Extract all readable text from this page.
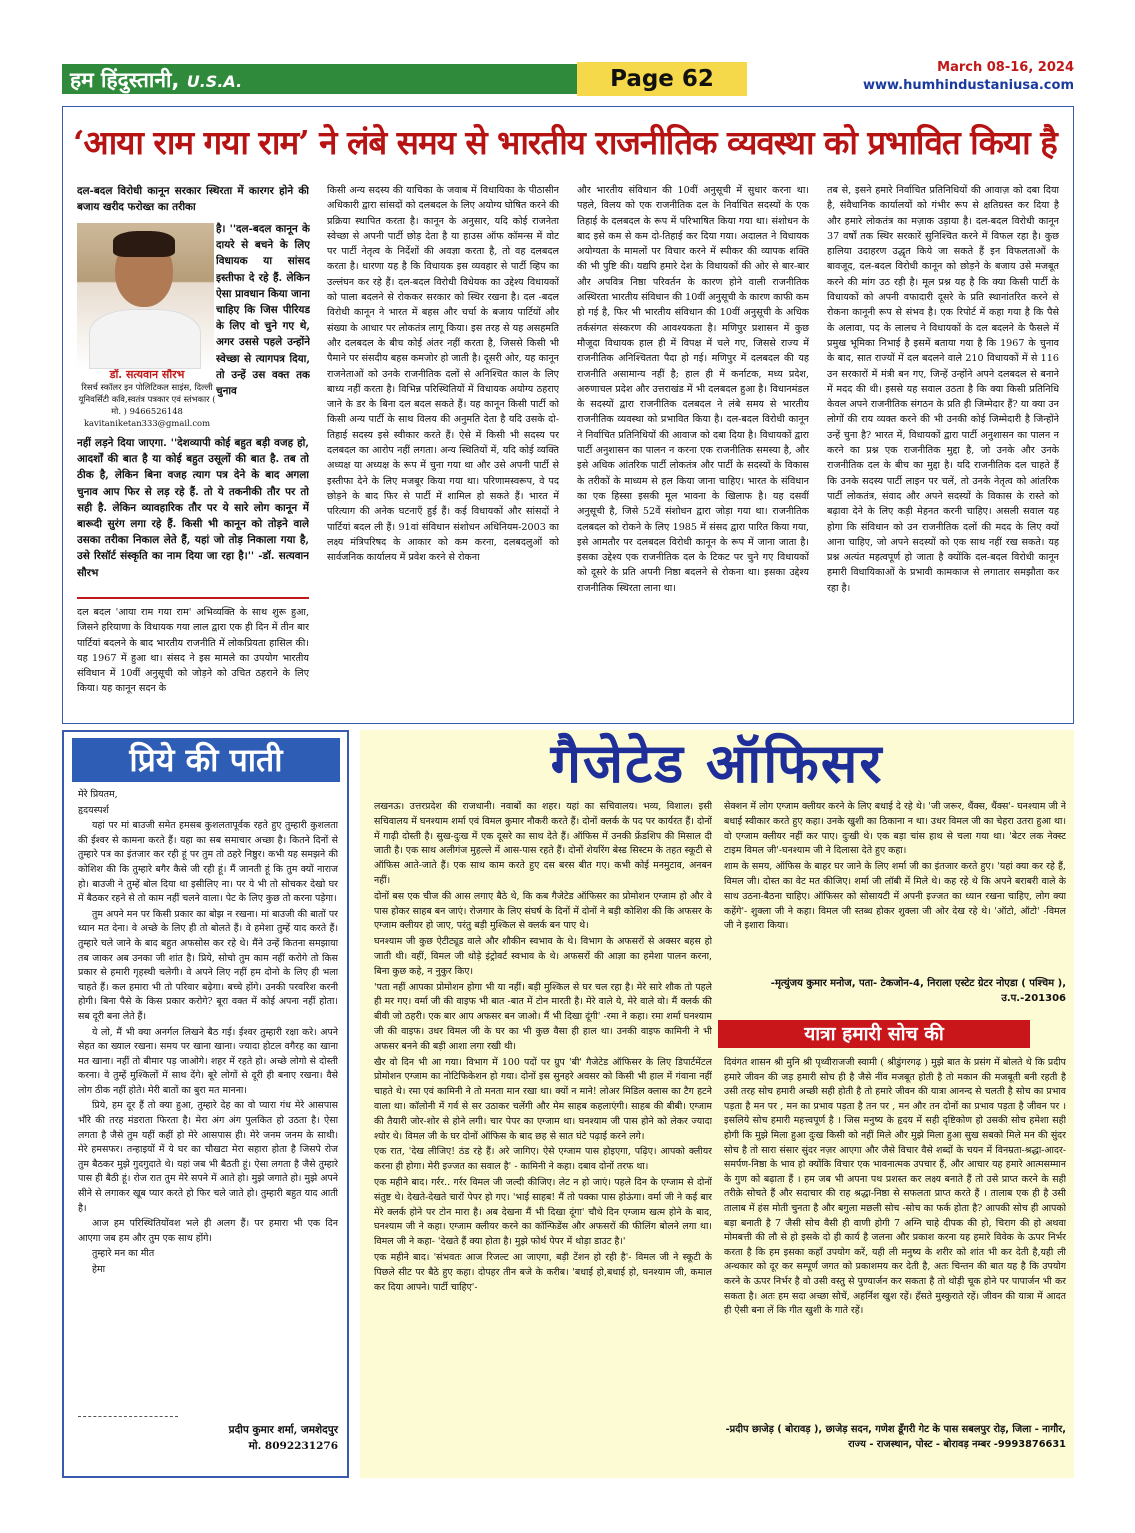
हम हिंदुस्तानी, U.S.A.	Page 62	March 08-16, 2024
www.humhindustaniusa.com
‘आया राम गया राम’ ने लंबे समय से भारतीय राजनीतिक व्यवस्था को प्रभावित किया है
दल-बदल विरोधी कानून सरकार स्थिरता में कारगर होने की बजाय खरीद फरोख्त का तरीका
डॉ. सत्यवान सौरभ
रिसर्च स्कॉलर इन पोलिटिकल साइंस, दिल्ली यूनिवर्सिटी कवि,स्वतंत्र पत्रकार एवं स्तंभकार ( मो. ) 9466526148 kavitaniketan333@gmail.com
है। ''दल-बदल कानून के दायरे से बचने के लिए विधायक या सांसद इस्तीफा दे रहे हैं. लेकिन ऐसा प्रावधान किया जाना चाहिए कि जिस पीरियड के लिए वो चुने गए थे, अगर उससे पहले उन्होंने स्वेच्छा से त्यागपत्र दिया, तो उन्हें उस वक्त तक चुनाव
नहीं लड़ने दिया जाएगा. ''देशव्यापी कोई बहुत बड़ी वजह हो, आदर्शों की बात है या कोई बहुत उसूलों की बात है. तब तो ठीक है, लेकिन बिना वजह त्याग पत्र देने के बाद अगला चुनाव आप फिर से लड़ रहे हैं. तो ये तकनीकी तौर पर तो सही है. लेकिन व्यावहारिक तौर पर ये सारे लोग कानून में बारूदी सुरंग लगा रहे हैं. किसी भी कानून को तोड़ने वाले उसका तरीका निकाल लेते हैं, यहां जो तोड़ निकाला गया है, उसे रिसॉर्ट संस्कृति का नाम दिया जा रहा है।'' -डॉ. सत्यवान सौरभ
दल बदल 'आया राम गया राम' अभिव्यक्ति के साथ शुरू हुआ, जिसने हरियाणा के विधायक गया लाल द्वारा एक ही दिन में तीन बार पार्टियां बदलने के बाद भारतीय राजनीति में लोकप्रियता हासिल की। यह 1967 में हुआ था। संसद ने इस मामले का उपयोग भारतीय संविधान में 10वीं अनुसूची को जोड़ने को उचित ठहराने के लिए किया। यह कानून सदन के
किसी अन्य सदस्य की याचिका के जवाब में विधायिका के पीठासीन अधिकारी द्वारा सांसदों को दलबदल के लिए अयोग्य घोषित करने की प्रक्रिया स्थापित करता है। कानून के अनुसार, यदि कोई राजनेता स्वेच्छा से अपनी पार्टी छोड़ देता है या हाउस ऑफ कॉमन्स में वोट पर पार्टी नेतृत्व के निर्देशों की अवज्ञा करता है, तो वह दलबदल करता है। धारणा यह है कि विधायक इस व्यवहार से पार्टी व्हिप का उल्लंघन कर रहे हैं। दल-बदल विरोधी विधेयक का उद्देश्य विधायकों को पाला बदलने से रोककर सरकार को स्थिर रखना है। दल -बदल विरोधी कानून ने भारत में बहस और चर्चा के बजाय पार्टियों और संख्या के आधार पर लोकतंत्र लागू किया। इस तरह से यह असहमति और दलबदल के बीच कोई अंतर नहीं करता है, जिससे किसी भी पैमाने पर संसदीय बहस कमजोर हो जाती है। दूसरी ओर, यह कानून राजनेताओं को उनके राजनीतिक दलों से अनिश्चित काल के लिए बाध्य नहीं करता है। विभिन्न परिस्थितियों में विधायक अयोग्य ठहराए जाने के डर के बिना दल बदल सकते हैं। यह कानून किसी पार्टी को किसी अन्य पार्टी के साथ विलय की अनुमति देता है यदि उसके दो-तिहाई सदस्य इसे स्वीकार करते हैं। ऐसे में किसी भी सदस्य पर दलबदल का आरोप नहीं लगता। अन्य स्थितियों में, यदि कोई व्यक्ति अध्यक्ष या अध्यक्ष के रूप में चुना गया था और उसे अपनी पार्टी से इस्तीफा देने के लिए मजबूर किया गया था। परिणामस्वरूप, वे पद छोड़ने के बाद फिर से पार्टी में शामिल हो सकते हैं। भारत में परित्याग की अनेक घटनाएँ हुई हैं। कई विधायकों और सांसदों ने पार्टियां बदल ली हैं। 91वां संविधान संशोधन अधिनियम-2003 का लक्ष्य मंत्रिपरिषद के आकार को कम करना, दलबदलुओं को सार्वजनिक कार्यालय में प्रवेश करने से रोकना
और भारतीय संविधान की 10वीं अनुसूची में सुधार करना था। पहले, विलय को एक राजनीतिक दल के निर्वाचित सदस्यों के एक तिहाई के दलबदल के रूप में परिभाषित किया गया था। संशोधन के बाद इसे कम से कम दो-तिहाई कर दिया गया। अदालत ने विधायक अयोग्यता के मामलों पर विचार करने में स्पीकर की व्यापक शक्ति की भी पुष्टि की। यद्यपि हमारे देश के विधायकों की ओर से बार-बार और अपवित्र निष्ठा परिवर्तन के कारण होने वाली राजनीतिक अस्थिरता भारतीय संविधान की 10वीं अनुसूची के कारण काफी कम हो गई है, फिर भी भारतीय संविधान की 10वीं अनुसूची के अधिक तर्कसंगत संस्करण की आवश्यकता है। मणिपुर प्रशासन में कुछ मौजूदा विधायक हाल ही में विपक्ष में चले गए, जिससे राज्य में राजनीतिक अनिश्चितता पैदा हो गई। मणिपुर में दलबदल की यह राजनीति असामान्य नहीं है; हाल ही में कर्नाटक, मध्य प्रदेश, अरुणाचल प्रदेश और उत्तराखंड में भी दलबदल हुआ है। विधानमंडल के सदस्यों द्वारा राजनीतिक दलबदल ने लंबे समय से भारतीय राजनीतिक व्यवस्था को प्रभावित किया है। दल-बदल विरोधी कानून ने निर्वाचित प्रतिनिधियों की आवाज को दबा दिया है। विधायकों द्वारा पार्टी अनुशासन का पालन न करना एक राजनीतिक समस्या है, और इसे अधिक आंतरिक पार्टी लोकतंत्र और पार्टी के सदस्यों के विकास के तरीकों के माध्यम से हल किया जाना चाहिए। भारत के संविधान का एक हिस्सा इसकी मूल भावना के खिलाफ है। यह दसवीं अनुसूची है, जिसे 52वें संशोधन द्वारा जोड़ा गया था। राजनीतिक दलबदल को रोकने के लिए 1985 में संसद द्वारा पारित किया गया, इसे आमतौर पर दलबदल विरोधी कानून के रूप में जाना जाता है। इसका उद्देश्य एक राजनीतिक दल के टिकट पर चुने गए विधायकों को दूसरे के प्रति अपनी निष्ठा बदलने से रोकना था। इसका उद्देश्य राजनीतिक स्थिरता लाना था।
तब से, इसने हमारे निर्वाचित प्रतिनिधियों की आवाज़ को दबा दिया है, संवैधानिक कार्यालयों को गंभीर रूप से क्षतिग्रस्त कर दिया है और हमारे लोकतंत्र का मज़ाक उड़ाया है। दल-बदल विरोधी कानून 37 वर्षों तक स्थिर सरकारें सुनिश्चित करने में विफल रहा है। कुछ हालिया उदाहरण उद्धृत किये जा सकते हैं इन विफलताओं के बावजूद, दल-बदल विरोधी कानून को छोड़ने के बजाय उसे मजबूत करने की मांग उठ रही है। मूल प्रश्न यह है कि क्या किसी पार्टी के विधायकों को अपनी वफादारी दूसरे के प्रति स्थानांतरित करने से रोकना कानूनी रूप से संभव है। एक रिपोर्ट में कहा गया है कि पैसे के अलावा, पद के लालच ने विधायकों के दल बदलने के फैसले में प्रमुख भूमिका निभाई है इसमें बताया गया है कि 1967 के चुनाव के बाद, सात राज्यों में दल बदलने वाले 210 विधायकों में से 116 उन सरकारों में मंत्री बन गए, जिन्हें उन्होंने अपने दलबदल से बनाने में मदद की थी। इससे यह सवाल उठता है कि क्या किसी प्रतिनिधि केवल अपने राजनीतिक संगठन के प्रति ही जिम्मेदार हैं? या क्या उन लोगों की राय व्यक्त करने की भी उनकी कोई जिम्मेदारी है जिन्होंने उन्हें चुना है? भारत में, विधायकों द्वारा पार्टी अनुशासन का पालन न करने का प्रश्न एक राजनीतिक मुद्दा है, जो उनके और उनके राजनीतिक दल के बीच का मुद्दा है। यदि राजनीतिक दल चाहते हैं कि उनके सदस्य पार्टी लाइन पर चलें, तो उनके नेतृत्व को आंतरिक पार्टी लोकतंत्र, संवाद और अपने सदस्यों के विकास के रास्ते को बढ़ावा देने के लिए कड़ी मेहनत करनी चाहिए। असली सवाल यह होगा कि संविधान को उन राजनीतिक दलों की मदद के लिए क्यों आना चाहिए, जो अपने सदस्यों को एक साथ नहीं रख सकते। यह प्रश्न अत्यंत महत्वपूर्ण हो जाता है क्योंकि दल-बदल विरोधी कानून हमारी विधायिकाओं के प्रभावी कामकाज से लगातार समझौता कर रहा है।
प्रिये की पाती

मेरे प्रियतम,

हृदयस्पर्श

यहां पर मां बाउजी समेत हमसब कुशलतापूर्वक रहते हुए तुम्हारी कुशलता की ईश्वर से कामना करते हैं। यहा का सब समाचार अच्छा है। कितने दिनों से तुम्हारे पत्र का इंतजार कर रही हूं पर तुम तो ठहरे निष्ठुर। कभी यह समझने की कोशिश की कि तुम्हारे बगैर कैसे जी रही हूं। मैं जानती हूं कि तुम क्यों नाराज हो। बाउजी ने तुम्हें बोल दिया था इसीलिए ना। पर ये भी तो सोचकर देखो घर में बैठकर रहने से तो काम नहीं चलने वाला। पेट के लिए कुछ तो करना पड़ेगा।

तुम अपने मन पर किसी प्रकार का बोझ न रखना। मां बाउजी की बातों पर ध्यान मत देना। वे अच्छे के लिए ही तो बोलते हैं। वे हमेशा तुम्हें याद करते हैं। तुम्हारे चले जाने के बाद बहुत अफसोस कर रहे थे। मैंने उन्हें कितना समझाया तब जाकर अब उनका जी शांत है। प्रिये, सोचो तुम काम नहीं करोगे तो किस प्रकार से हमारी गृहस्थी चलेगी। वे अपने लिए नहीं हम दोनो के लिए ही भला चाहते हैं। कल हमारा भी तो परिवार बढ़ेगा। बच्चे होंगे। उनकी परवरिश करनी होगी। बिना पैसे के किस प्रकार करोगे? बूरा वक्त में कोई अपना नहीं होता। सब दूरी बना लेते हैं।

ये लो, मैं भी क्या अनर्गल लिखने बैठ गई। ईश्वर तुम्हारी रक्षा करे। अपने सेहत का ख्याल रखना। समय पर खाना खाना। ज्यादा होटल वगैरह का खाना मत खाना। नहीं तो बीमार पड़ जाओगे। शहर में रहते हो। अच्छे लोगो से दोस्ती करना। वे तुम्हें मुश्किलों में साथ देंगे। बूरे लोगों से दूरी ही बनाए रखना। वैसे लोग ठीक नहीं होते। मेरी बातों का बुरा मत मानना।

प्रिये, हम दूर हैं तो क्या हुआ, तुम्हारे देह का वो प्यारा गंध मेरे आसपास भौंरे की तरह मंडराता फिरता है। मेरा अंग अंग पुलकित हो उठता है। ऐसा लगता है जैसे तुम यहीं कहीं हो मेरे आसपास ही। मेरे जनम जनम के साथी। मेरे हमसफर। तन्हाइयों में ये घर का चौखटा मेरा सहारा होता है जिसपे रोज तुम बैठकर मुझे गुदगुदाते थे। यहां जब भी बैठती हूं। ऐसा लगता है जैसे तुम्हारे पास ही बैठी हूं। रोज रात तुम मेरे सपने में आते हो। मुझे जगाते हो। मुझे अपने सीने से लगाकर खूब प्यार करते हो फिर चले जाते हो। तुम्हारी बहुत याद आती है।

आज हम परिस्थितियोंवश भले ही अलग हैं। पर हमारा भी एक दिन आएगा जब हम और तुम एक साथ होंगे।

तुम्हारे मन का मीत

हेमा

प्रदीप कुमार शर्मा, जमशेदपुर
मो. 8092231276
गैजेटेड ऑफिसर

लखनऊ। उत्तरप्रदेश की राजधानी। नवाबों का शहर। यहां का सचिवालय। भव्य, विशाल। इसी सचिवालय में घनश्याम शर्मा एवं विमल कुमार नौकरी करते हैं। दोनों क्लर्क के पद पर कार्यरत हैं। दोनों में गाढ़ी दोस्ती है। सुख-दुःख में एक दूसरे का साथ देते हैं। ऑफिस में उनकी फ्रेंडशिप की मिसाल दी जाती है। एक साथ अलीगंज मुहल्ले में आस-पास रहते हैं। दोनों शेयरिंग बेस्ड सिस्टम के तहत स्कूटी से ऑफिस आते-जाते हैं। एक साथ काम करते हुए दस बरस बीत गए। कभी कोई मनमुटाव, अनबन नहीं।

दोनों बस एक चीज की आस लगाए बैठे थे, कि कब गैजेटेड ऑफिसर का प्रोमोशन एग्जाम हो और वे पास होकर साहब बन जाएं। रोजगार के लिए संघर्ष के दिनों में दोनों ने बड़ी कोशिश की कि अफसर के एग्जाम क्लीयर हो जाए, परंतु बड़ी मुश्किल से क्लर्क बन पाए थे।

घनश्याम जी कुछ ऐटीट्यूड वाले और शौकीन स्वभाव के थे। विभाग के अफसरों से अक्सर बहस हो जाती थी। वहीं, विमल जी थोड़े इंट्रोवर्ट स्वभाव के थे। अफसरों की आज्ञा का हमेशा पालन करना, बिना कुछ कहे, न नुकुर किए।

'पता नहीं आपका प्रोमोशन होगा भी या नहीं। बड़ी मुश्किल से घर चल रहा है। मेरे सारे शौक तो पहले ही मर गए। वर्मा जी की वाइफ भी बात -बात में टोन मारती है। मेरे वाले ये, मेरे वाले वो। मैं क्लर्क की बीवी जो ठहरी। एक बार आप अफसर बन जाओ। मैं भी दिखा दूंगी' -रमा ने कहा। रमा शर्मा घनश्याम जी की वाइफ। उधर विमल जी के घर का भी कुछ वैसा ही हाल था। उनकी वाइफ कामिनी ने भी अफसर बनने की बड़ी आशा लगा रखी थी।

खैर वो दिन भी आ गया। विभाग में 100 पदों पर ग्रुप 'बी' गैजेटेड ऑफिसर के लिए डिपार्टमेंटल प्रोमोशन एग्जाम का नोटिफिकेशन हो गया। दोनों इस सुनहरे अवसर को किसी भी हाल में गंवाना नहीं चाहते थे। रमा एवं कामिनी ने तो मनता मान रखा था। क्यों न माने! लोअर मिडिल क्लास का टैग हटने वाला था। कॉलोनी में गर्व से सर उठाकर चलेंगी और मेम साहब कहलाएंगी। साहब की बीबी। एग्जाम की तैयारी जोर-शोर से होने लगी। चार पेपर का एग्जाम था। घनश्याम जी पास होने को लेकर ज्यादा श्योर थे। विमल जी के घर दोनों ऑफिस के बाद छह से सात घंटे पढ़ाई करने लगे।

एक रात, 'देख लीजिए! ठंड रहे हैं। अरे जागिए। ऐसे एग्जाम पास होइएगा, पढ़िए। आपको क्लीयर करना ही होगा। मेरी इज्जत का सवाल है' - कामिनी ने कहा। दबाव दोनों तरफ था।

एक महीने बाद। गर्रर.. गर्रर विमल जी जल्दी कीजिए। लेट न हो जाएं। पहले दिन के एग्जाम से दोनों संतुष्ट थे। देखते-देखते चारों पेपर हो गए। 'भाई साहब! मैं तो पक्का पास होऊंगा। वर्मा जी ने कई बार मेरे क्लर्क होने पर टोन मारा है। अब देखना मैं भी दिखा दूंगा' चौथे दिन एग्जाम खत्म होने के बाद, घनश्याम जी ने कहा। एग्जाम क्लीयर करने का कॉन्फिडेंस और अफसरों की फीलिंग बोलने लगा था। विमल जी ने कहा- 'देखते हैं क्या होता है। मुझे फोर्थ पेपर में थोड़ा डाउट है।'

एक महीने बाद। 'संभवतः आज रिजल्ट आ जाएगा, बड़ी टेंशन हो रही है'- विमल जी ने स्कूटी के पिछले सीट पर बैठे हुए कहा। दोपहर तीन बजे के करीब। 'बधाई हो,बधाई हो, घनश्याम जी, कमाल कर दिया आपने। पार्टी चाहिए'-

सेक्शन में लोग एग्जाम क्लीयर करने के लिए बधाई दे रहे थे। 'जी जरूर, थैंक्स, थैंक्स'- घनश्याम जी ने बधाई स्वीकार करते हुए कहा। उनके खुशी का ठिकाना न था। उधर विमल जी का चेहरा उतरा हुआ था। वो एग्जाम क्लीयर नहीं कर पाए। दुःखी थे। एक बड़ा चांस हाथ से चला गया था। 'बेटर लक नेक्स्ट टाइम विमल जी'-घनश्याम जी ने दिलासा देते हुए कहा।

शाम के समय, ऑफिस के बाहर घर जाने के लिए शर्मा जी का इंतजार करते हुए। 'यहां क्या कर रहे हैं, विमल जी। दोस्त का वेट मत कीजिए। शर्मा जी लॉबी में मिले थे। कह रहे थे कि अपने बराबरी वाले के साथ उठना-बैठना चाहिए। ऑफिसर को सोसायटी में अपनी इज्जत का ध्यान रखना चाहिए, लोग क्या कहेंगे'- शुक्ला जी ने कहा। विमल जी स्तब्ध होकर शुक्ला जी ओर देख रहे थे। 'ऑटो, ऑटो' -विमल जी ने इशारा किया।

-मृत्युंजय कुमार मनोज, पता- टेकजोन-4, निराला एस्टेट ग्रेटर नोएडा ( पश्चिम ), उ.प.-201306
यात्रा हमारी सोच की
दिवंगत शासन श्री मुनि श्री पृथ्वीराजजी स्वामी ( श्रीडुंगरगढ़ ) मुझे बात के प्रसंग में बोलते थे कि प्रदीप हमारे जीवन की जड़ हमारी सोच ही है जैसे नींव मजबूत होती है तो मकान की मजबूती बनी रहती है उसी तरह सोच हमारी अच्छी सही होती है तो हमारे जीवन की यात्रा आनन्द से चलती है सोच का प्रभाव पड़ता है मन पर , मन का प्रभाव पड़ता है तन पर , मन और तन दोनों का प्रभाव पड़ता है जीवन पर । इसलिये सोच हमारी महत्त्वपूर्ण है । जिस मनुष्य के हृदय में सही दृष्टिकोण हो उसकी सोच हमेशा सही होगी कि मुझे मिला हुआ दुःख किसी को नहीं मिले और मुझे मिला हुआ सुख सबको मिले मन की सुंदर सोच है तो सारा संसार सुंदर नज़र आएगा और जैसे विचार वैसे शब्दों के चयन में विनम्रता-श्रद्धा-आदर-समर्पण-निष्ठा के भाव हो क्योंकि विचार एक भावनात्मक उपचार हैं, और आचार यह हमारे आत्मसम्मान के गुण को बढ़ाता हैं । हम जब भी अपना पथ प्रशस्त कर लक्ष्य बनाते हैं तो उसे प्राप्त करने के सही तरीक़े सोचते हैं और सदाचार की राह श्रद्धा-निष्ठा से सफलता प्राप्त करते हैं । तालाब एक ही है उसी तालाब में हंस मोती चुनता है और बगुला मछली सोच -सोच का फर्क होता है? आपकी सोच ही आपको बड़ा बनाती है 7 जैसी सोच वैसी ही वाणी होगी 7 अग्नि चाहे दीपक की हो, चिराग की हो अथवा मोमबत्ती की लौ से हो इसके दो ही कार्य है जलना और प्रकाश करना यह हमारे विवेक के ऊपर निर्भर करता है कि हम इसका कहाँ उपयोग करें, यही ली मनुष्य के शरीर को शांत भी कर देती है,यही ली अन्धकार को दूर कर सम्पूर्ण जगत को प्रकाशमय कर देती है, अतः चिन्तन की बात यह है कि उपयोग करने के ऊपर निर्भर है वो उसी वस्तु से पुण्यार्जन कर सकता है तो थोड़ी चूक होने पर पापार्जन भी कर सकता है। अतः हम सदा अच्छा सोचें, अहर्निश खुश रहें। हँसते मुस्कुराते रहें। जीवन की यात्रा में आदत ही ऐसी बना लें कि गीत खुशी के गाते रहें।
-प्रदीप छाजेड़ ( बोरावड़ ), छाजेड़ सदन, गणेश डूँगरी गेट के पास सबलपुर रोड़, जिला - नागौर, राज्य - राजस्थान, पोस्ट - बोरावड़ नम्बर -9993876631
